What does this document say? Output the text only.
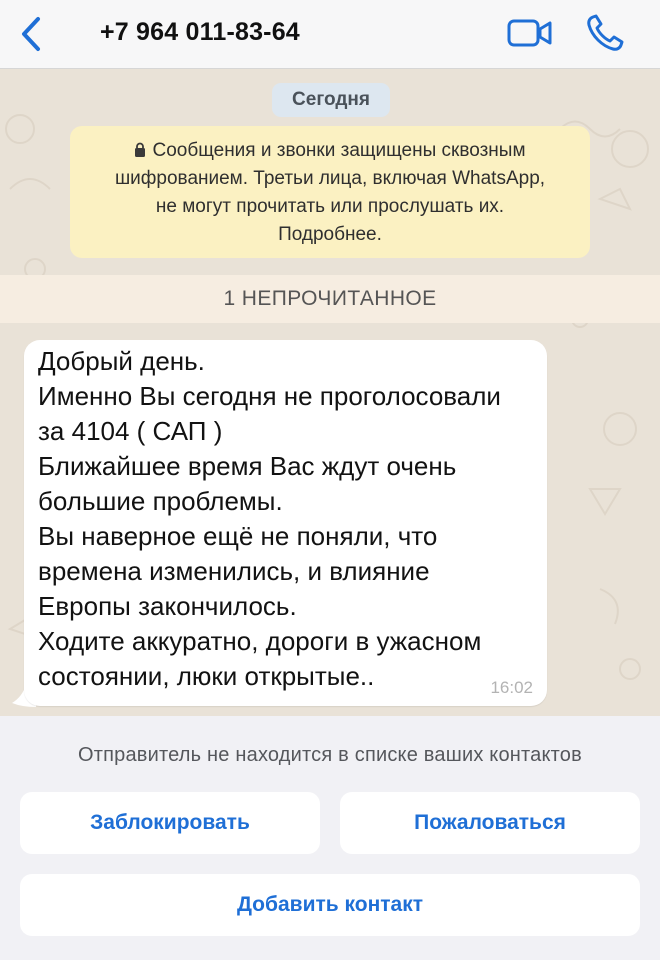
+7 964 011-83-64
Сегодня
Сообщения и звонки защищены сквозным
шифрованием. Третьи лица, включая WhatsApp,
не могут прочитать или прослушать их.
Подробнее.
1 НЕПРОЧИТАННОЕ
Добрый день.
Именно Вы сегодня не проголосовали
за 4104 ( САП )
Ближайшее время Вас ждут очень
большие проблемы.
Вы наверное ещё не поняли, что
времена изменились, и влияние
Европы закончилось.
Ходите аккуратно, дороги в ужасном
состоянии, люки открытые..	16:02
Отправитель не находится в списке ваших контактов
Заблокировать	Пожаловаться
Добавить контакт
